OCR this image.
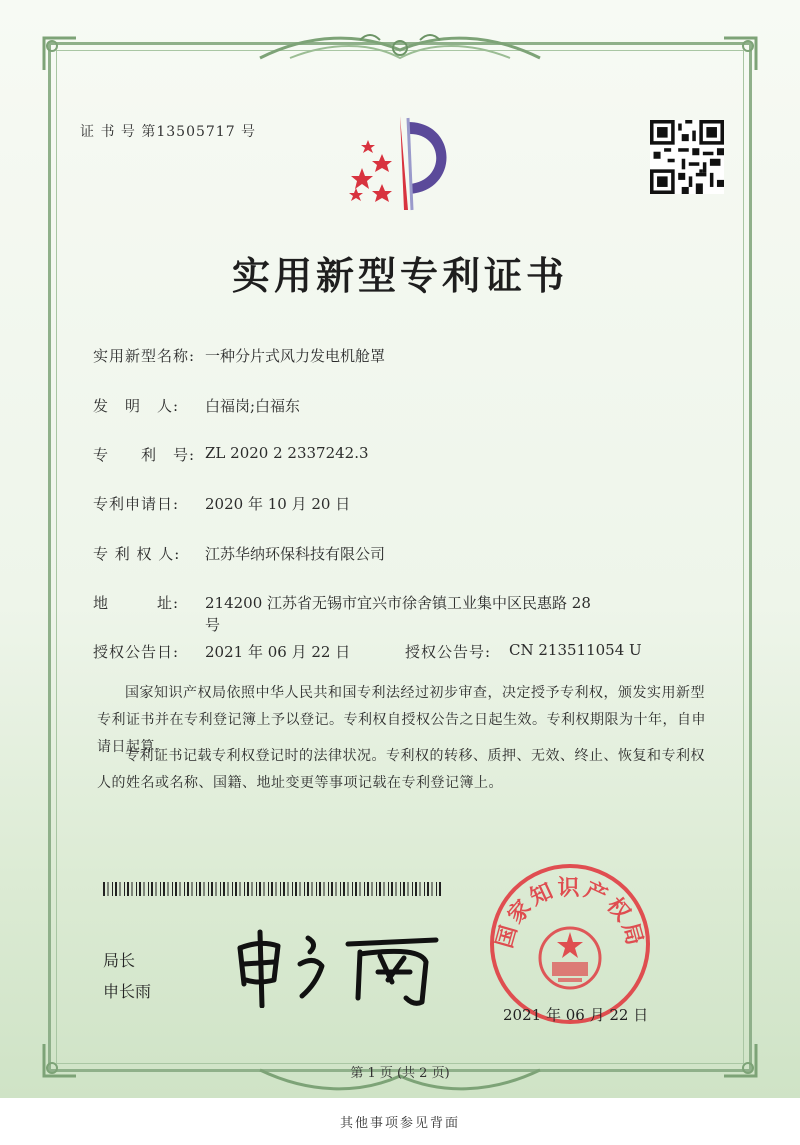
证 书 号 第13505717 号
实用新型专利证书
实用新型名称: 一种分片式风力发电机舱罩
发　明　人: 白福岗;白福东
专　　利　号: ZL 2020 2 2337242.3
专利申请日: 2020 年 10 月 20 日
专 利 权 人: 江苏华纳环保科技有限公司
地　　　址: 214200 江苏省无锡市宜兴市徐舍镇工业集中区民惠路 28
号
授权公告日: 2021 年 06 月 22 日	授权公告号: CN 213511054 U
国家知识产权局依照中华人民共和国专利法经过初步审查，决定授予专利权，颁发实用新型专利证书并在专利登记簿上予以登记。专利权自授权公告之日起生效。专利权期限为十年，自申请日起算。
专利证书记载专利权登记时的法律状况。专利权的转移、质押、无效、终止、恢复和专利权人的姓名或名称、国籍、地址变更等事项记载在专利登记簿上。
局长
申长雨
国家知识产权局
2021 年 06 月 22 日
第 1 页 (共 2 页)
其他事项参见背面
